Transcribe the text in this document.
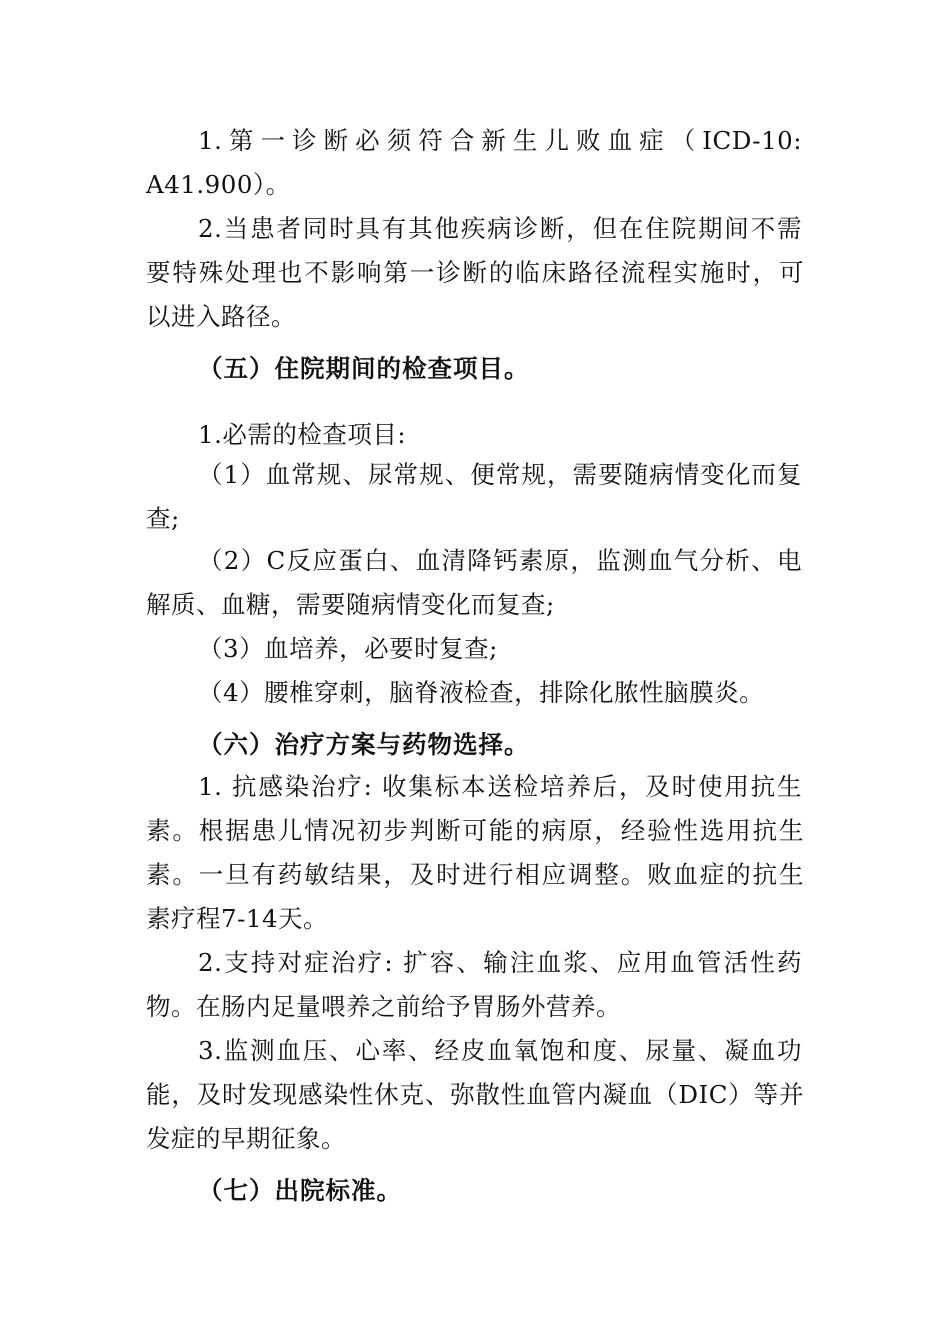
1.第一诊断必须符合新生儿败血症（ICD-10:
A41.900）。
2.当患者同时具有其他疾病诊断，但在住院期间不需
要特殊处理也不影响第一诊断的临床路径流程实施时，可
以进入路径。
（五）住院期间的检查项目。
1.必需的检查项目:
（1）血常规、尿常规、便常规，需要随病情变化而复
查;
（2）C反应蛋白、血清降钙素原，监测血气分析、电
解质、血糖，需要随病情变化而复查;
（3）血培养，必要时复查;
（4）腰椎穿刺，脑脊液检查，排除化脓性脑膜炎。
（六）治疗方案与药物选择。
1. 抗感染治疗: 收集标本送检培养后，及时使用抗生
素。根据患儿情况初步判断可能的病原，经验性选用抗生
素。一旦有药敏结果，及时进行相应调整。败血症的抗生
素疗程7-14天。
2.支持对症治疗: 扩容、输注血浆、应用血管活性药
物。在肠内足量喂养之前给予胃肠外营养。
3.监测血压、心率、经皮血氧饱和度、尿量、凝血功
能，及时发现感染性休克、弥散性血管内凝血（DIC）等并
发症的早期征象。
（七）出院标准。
